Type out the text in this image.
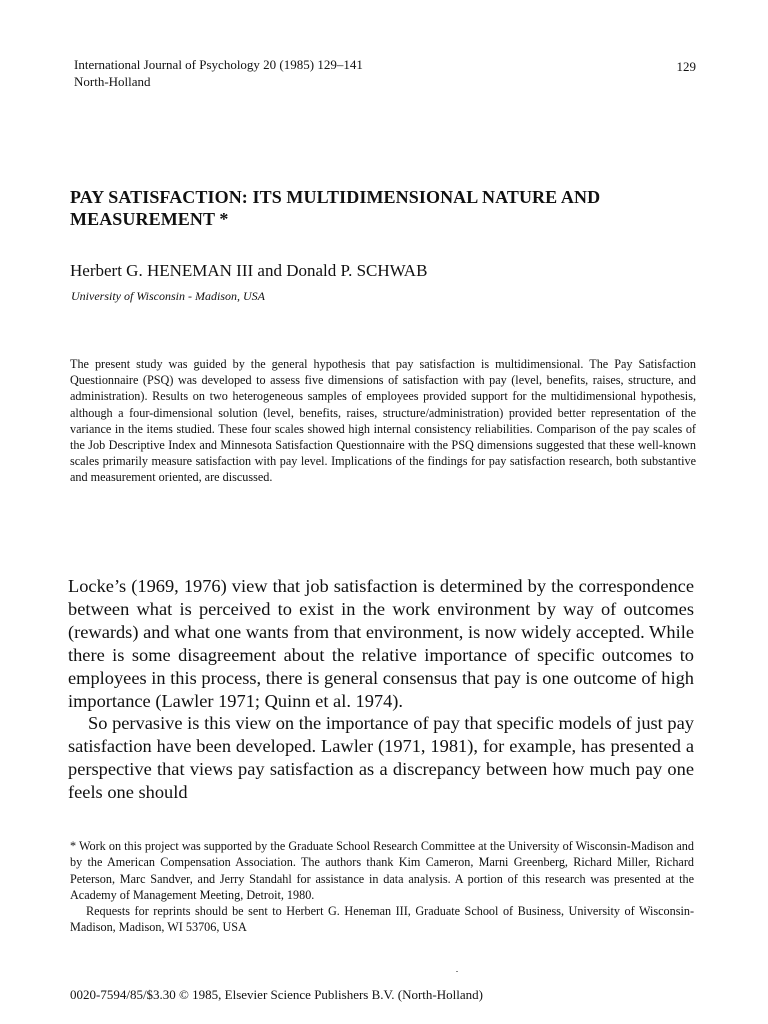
International Journal of Psychology 20 (1985) 129–141
North-Holland
129
PAY SATISFACTION: ITS MULTIDIMENSIONAL NATURE AND
MEASUREMENT *
Herbert G. HENEMAN III and Donald P. SCHWAB
University of Wisconsin - Madison, USA

The present study was guided by the general hypothesis that pay satisfaction is multidimensional. The Pay Satisfaction Questionnaire (PSQ) was developed to assess five dimensions of satisfaction with pay (level, benefits, raises, structure, and administration). Results on two heterogeneous samples of employees provided support for the multidimensional hypothesis, although a four-dimensional solution (level, benefits, raises, structure/administration) provided better representation of the variance in the items studied. These four scales showed high internal consistency reliabilities. Comparison of the pay scales of the Job Descriptive Index and Minnesota Satisfaction Questionnaire with the PSQ dimensions suggested that these well-known scales primarily measure satisfaction with pay level. Implications of the findings for pay satisfaction research, both substantive and measurement oriented, are discussed.

Locke’s (1969, 1976) view that job satisfaction is determined by the correspondence between what is perceived to exist in the work environment by way of outcomes (rewards) and what one wants from that environment, is now widely accepted. While there is some disagreement about the relative importance of specific outcomes to employees in this process, there is general consensus that pay is one outcome of high importance (Lawler 1971; Quinn et al. 1974).

So pervasive is this view on the importance of pay that specific models of just pay satisfaction have been developed. Lawler (1971, 1981), for example, has presented a perspective that views pay satisfaction as a discrepancy between how much pay one feels one should

* Work on this project was supported by the Graduate School Research Committee at the University of Wisconsin-Madison and by the American Compensation Association. The authors thank Kim Cameron, Marni Greenberg, Richard Miller, Richard Peterson, Marc Sandver, and Jerry Standahl for assistance in data analysis. A portion of this research was presented at the Academy of Management Meeting, Detroit, 1980.

Requests for reprints should be sent to Herbert G. Heneman III, Graduate School of Business, University of Wisconsin-Madison, Madison, WI 53706, USA

0020-7594/85/$3.30 © 1985, Elsevier Science Publishers B.V. (North-Holland)
